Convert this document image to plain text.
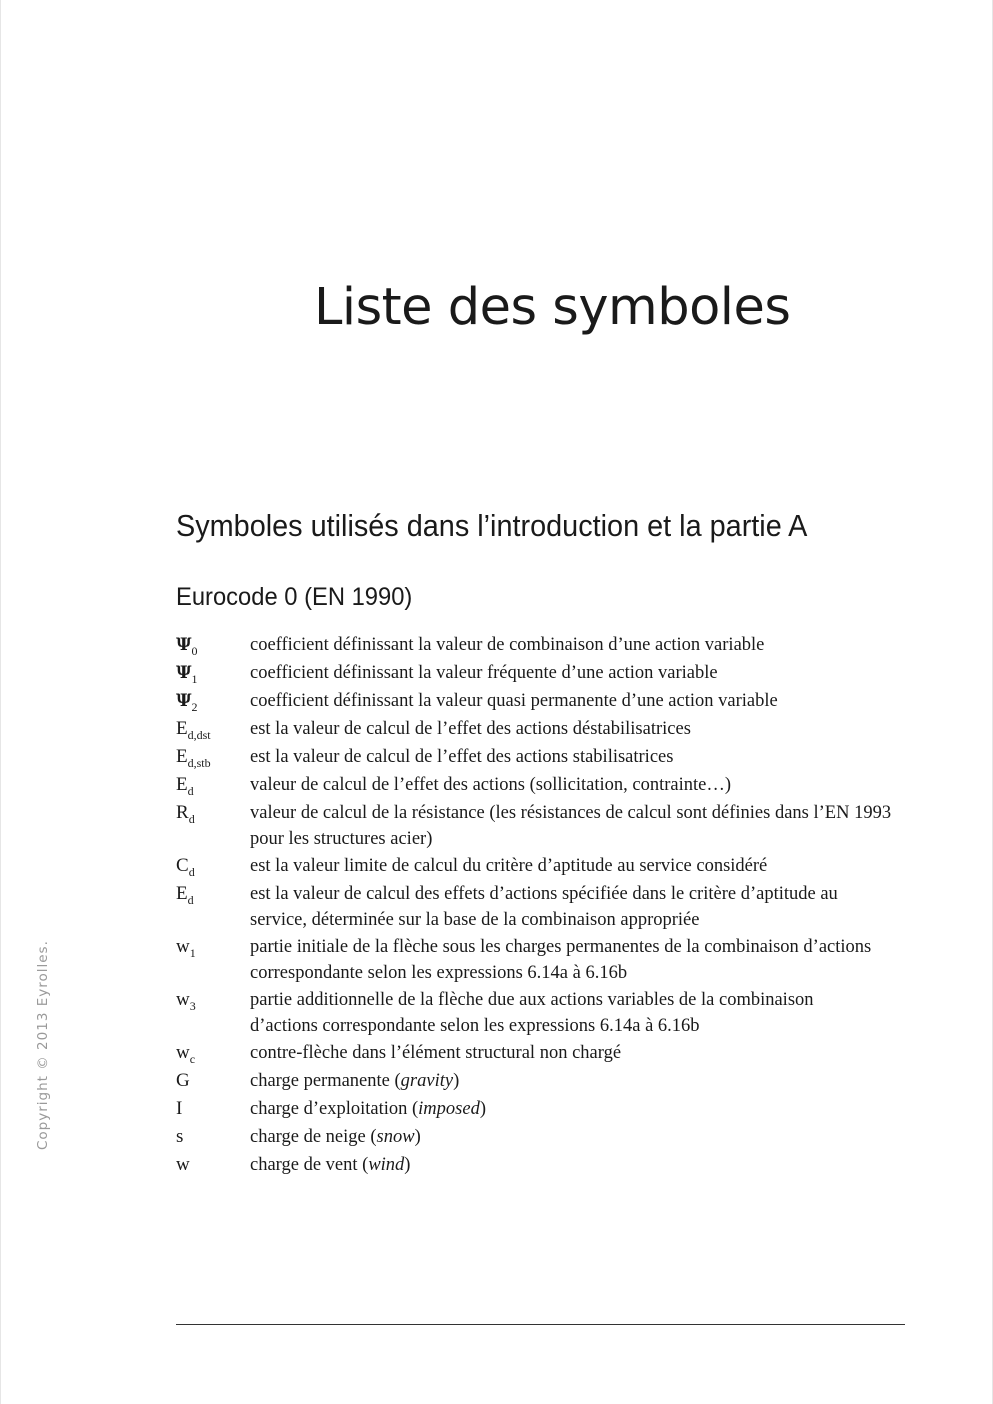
Liste des symboles
Symboles utilisés dans l’introduction et la partie A
Eurocode 0 (EN 1990)
$\Psi_0$	coefficient définissant la valeur de combinaison d’une action variable
$\Psi_1$	coefficient définissant la valeur fréquente d’une action variable
$\Psi_2$	coefficient définissant la valeur quasi permanente d’une action variable
$E_{d,dst}$	est la valeur de calcul de l’effet des actions déstabilisatrices
$E_{d,stb}$	est la valeur de calcul de l’effet des actions stabilisatrices
$E_d$	valeur de calcul de l’effet des actions (sollicitation, contrainte…)
$R_d$	valeur de calcul de la résistance (les résistances de calcul sont définies dans l’EN 1993
pour les structures acier)
$C_d$	est la valeur limite de calcul du critère d’aptitude au service considéré
$E_d$	est la valeur de calcul des effets d’actions spécifiée dans le critère d’aptitude au
service, déterminée sur la base de la combinaison appropriée
$w_1$	partie initiale de la flèche sous les charges permanentes de la combinaison d’actions
correspondante selon les expressions 6.14a à 6.16b
$w_3$	partie additionnelle de la flèche due aux actions variables de la combinaison
d’actions correspondante selon les expressions 6.14a à 6.16b
$w_c$	contre-flèche dans l’élément structural non chargé
G	charge permanente (gravity)
I	charge d’exploitation (imposed)
s	charge de neige (snow)
w	charge de vent (wind)
Copyright © 2013 Eyrolles.
